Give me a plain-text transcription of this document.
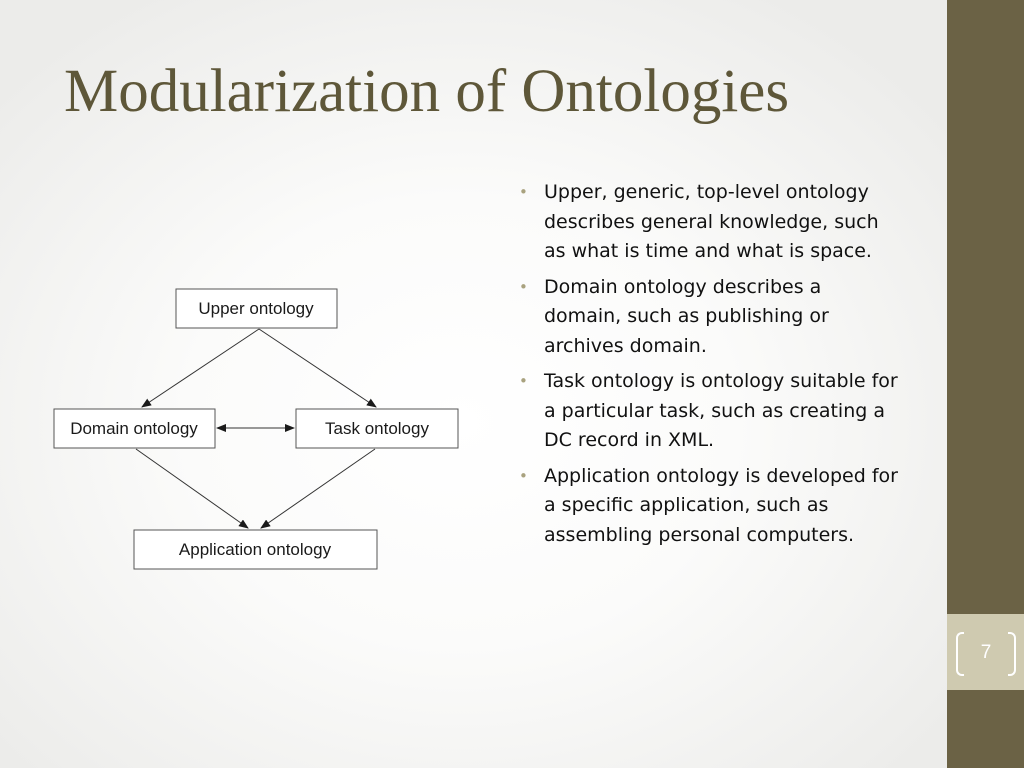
7
Modularization of Ontologies
Upper ontology
Domain ontology	Task ontology
Application ontology
• Upper, generic, top-level ontology describes general knowledge, such as what is time and what is space.
• Domain ontology describes a domain, such as publishing or archives domain.
• Task ontology is ontology suitable for a particular task, such as creating a DC record in XML.
• Application ontology is developed for a specific application, such as assembling personal computers.
